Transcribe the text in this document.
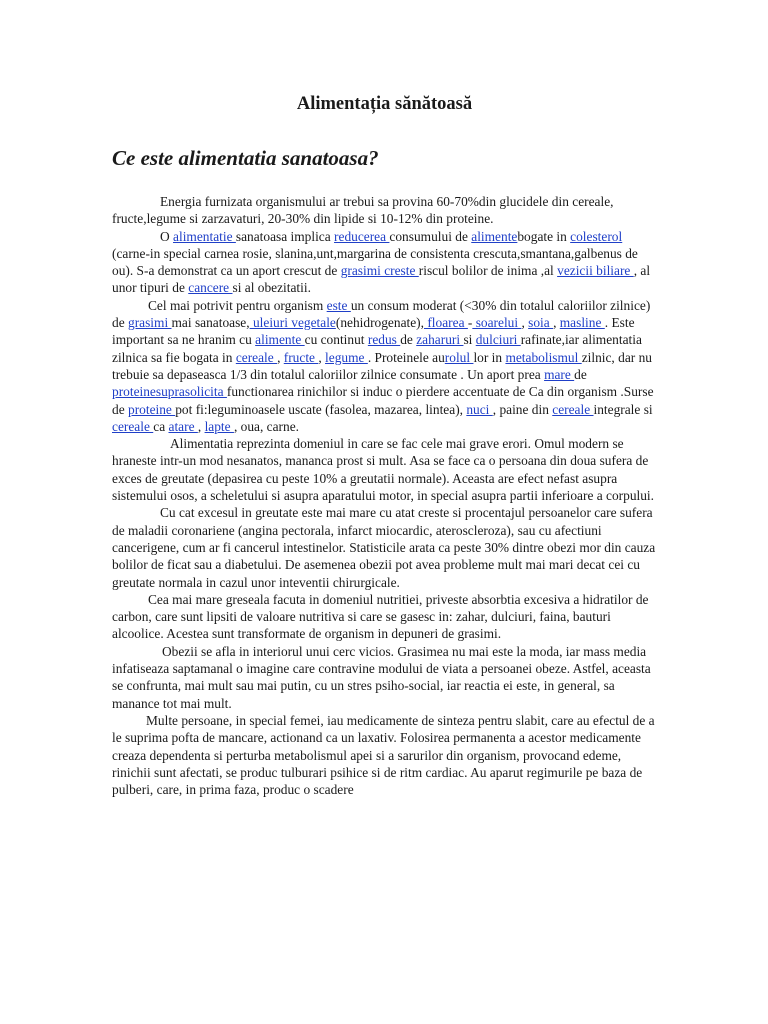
Alimentația sănătoasă
Ce este alimentatia sanatoasa?

Energia furnizata organismului ar trebui sa provina 60-70%din glucidele din cereale, fructe,legume si zarzavaturi, 20-30% din lipide si 10-12% din proteine.

O alimentatie sanatoasa implica reducerea consumului de alimentebogate in colesterol (carne-in special carnea rosie, slanina,unt,margarina de consistenta crescuta,smantana,galbenus de ou). S-a demonstrat ca un aport crescut de grasimi creste riscul bolilor de inima ,al vezicii biliare , al unor tipuri de cancere si al obezitatii.

Cel mai potrivit pentru organism este un consum moderat (<30% din totalul caloriilor zilnice) de grasimi mai sanatoase, uleiuri vegetale(nehidrogenate), floarea - soarelui , soia , masline . Este important sa ne hranim cu alimente cu continut redus de zaharuri si dulciuri rafinate,iar alimentatia zilnica sa fie bogata in cereale , fructe , legume . Proteinele aurolul lor in metabolismul zilnic, dar nu trebuie sa depaseasca 1/3 din totalul caloriilor zilnice consumate . Un aport prea mare de proteinesuprasolicita functionarea rinichilor si induc o pierdere accentuate de Ca din organism .Surse de proteine pot fi:leguminoasele uscate (fasolea, mazarea, lintea), nuci , paine din cereale integrale si cereale ca atare , lapte , oua, carne.

Alimentatia reprezinta domeniul in care se fac cele mai grave erori. Omul modern se hraneste intr-un mod nesanatos, mananca prost si mult. Asa se face ca o persoana din doua sufera de exces de greutate (depasirea cu peste 10% a greutatii normale). Aceasta are efect nefast asupra sistemului osos, a scheletului si asupra aparatului motor, in special asupra partii inferioare a corpului.

Cu cat excesul in greutate este mai mare cu atat creste si procentajul persoanelor care sufera de maladii coronariene (angina pectorala, infarct miocardic, ateroscleroza), sau cu afectiuni cancerigene, cum ar fi cancerul intestinelor. Statisticile arata ca peste 30% dintre obezi mor din cauza bolilor de ficat sau a diabetului. De asemenea obezii pot avea probleme mult mai mari decat cei cu greutate normala in cazul unor inteventii chirurgicale.

Cea mai mare greseala facuta in domeniul nutritiei, priveste absorbtia excesiva a hidratilor de carbon, care sunt lipsiti de valoare nutritiva si care se gasesc in: zahar, dulciuri, faina, bauturi alcoolice. Acestea sunt transformate de organism in depuneri de grasimi.

Obezii se afla in interiorul unui cerc vicios. Grasimea nu mai este la moda, iar mass media infatiseaza saptamanal o imagine care contravine modului de viata a persoanei obeze. Astfel, aceasta se confrunta, mai mult sau mai putin, cu un stres psiho-social, iar reactia ei este, in general, sa manance tot mai mult.

Multe persoane, in special femei, iau medicamente de sinteza pentru slabit, care au efectul de a le suprima pofta de mancare, actionand ca un laxativ. Folosirea permanenta a acestor medicamente creaza dependenta si perturba metabolismul apei si a sarurilor din organism, provocand edeme, rinichii sunt afectati, se produc tulburari psihice si de ritm cardiac. Au aparut regimurile pe baza de pulberi, care, in prima faza, produc o scadere
